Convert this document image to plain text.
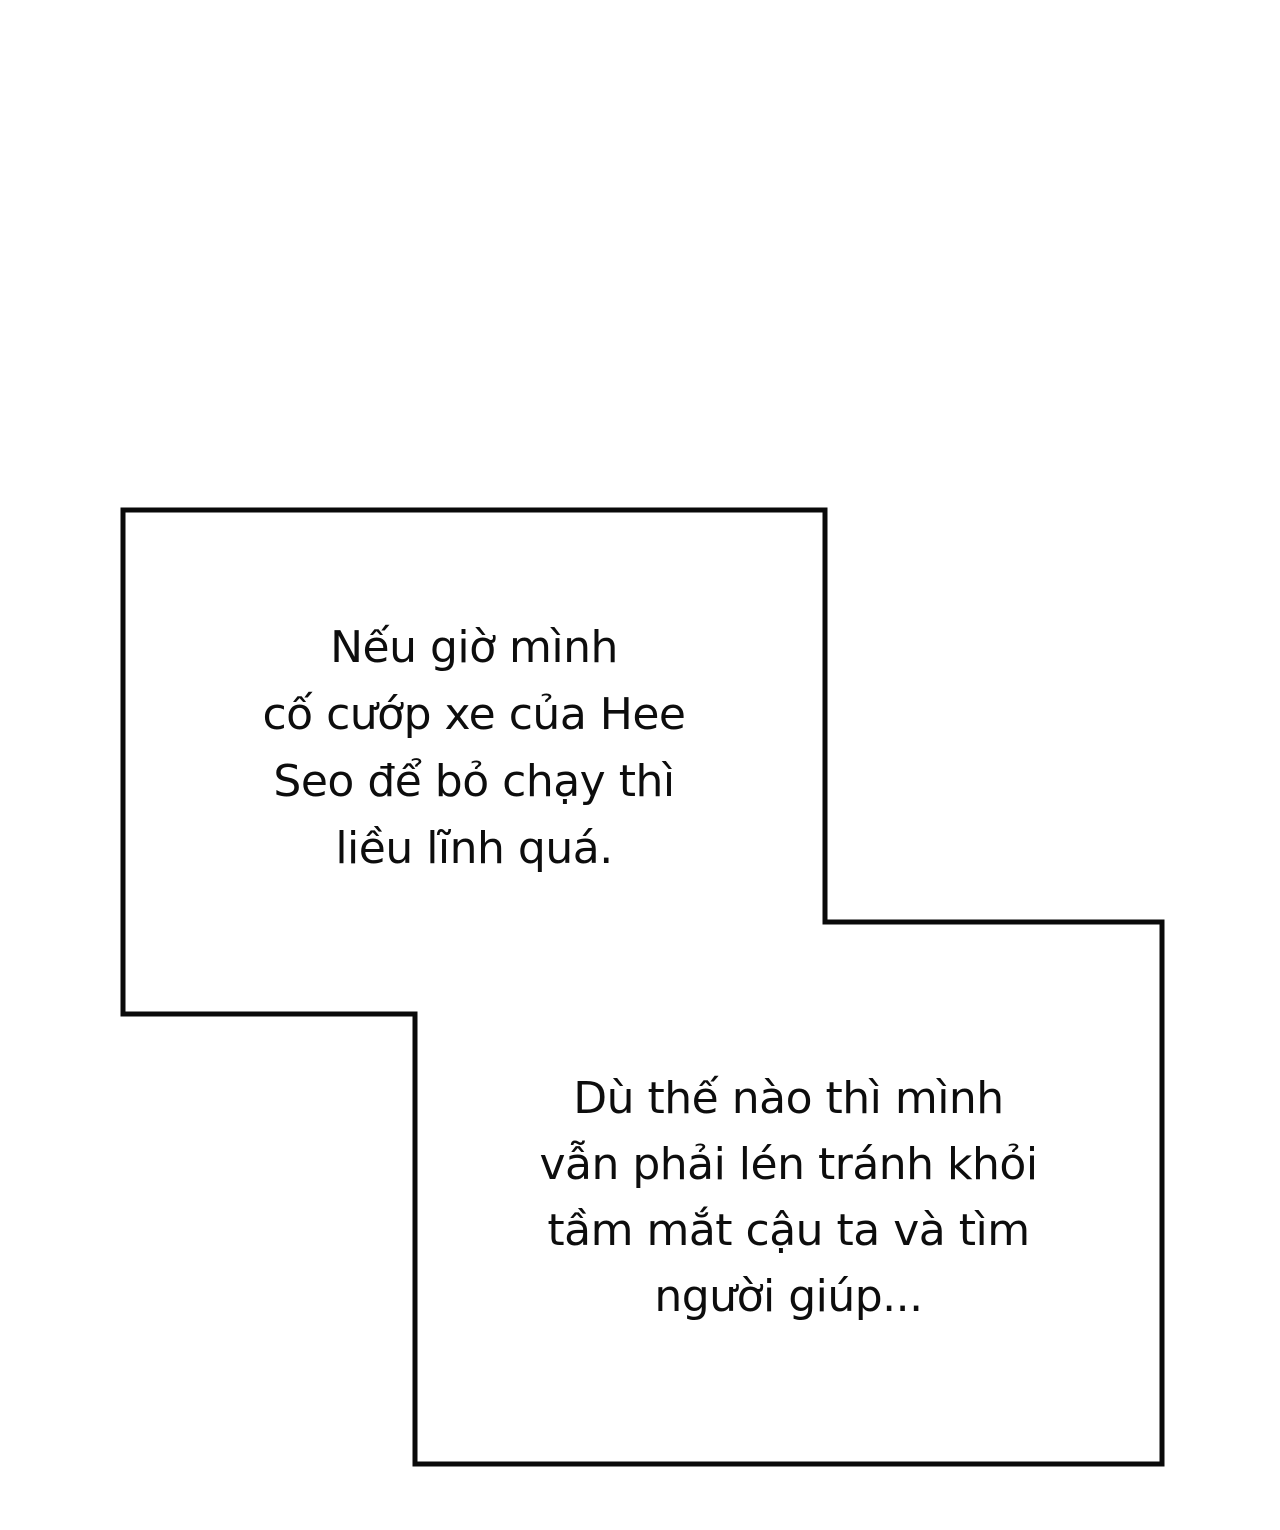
Nếu giờ mình
cố cướp xe của Hee
Seo để bỏ chạy thì
liều lĩnh quá.
Dù thế nào thì mình
vẫn phải lén tránh khỏi
tầm mắt cậu ta và tìm
người giúp...
